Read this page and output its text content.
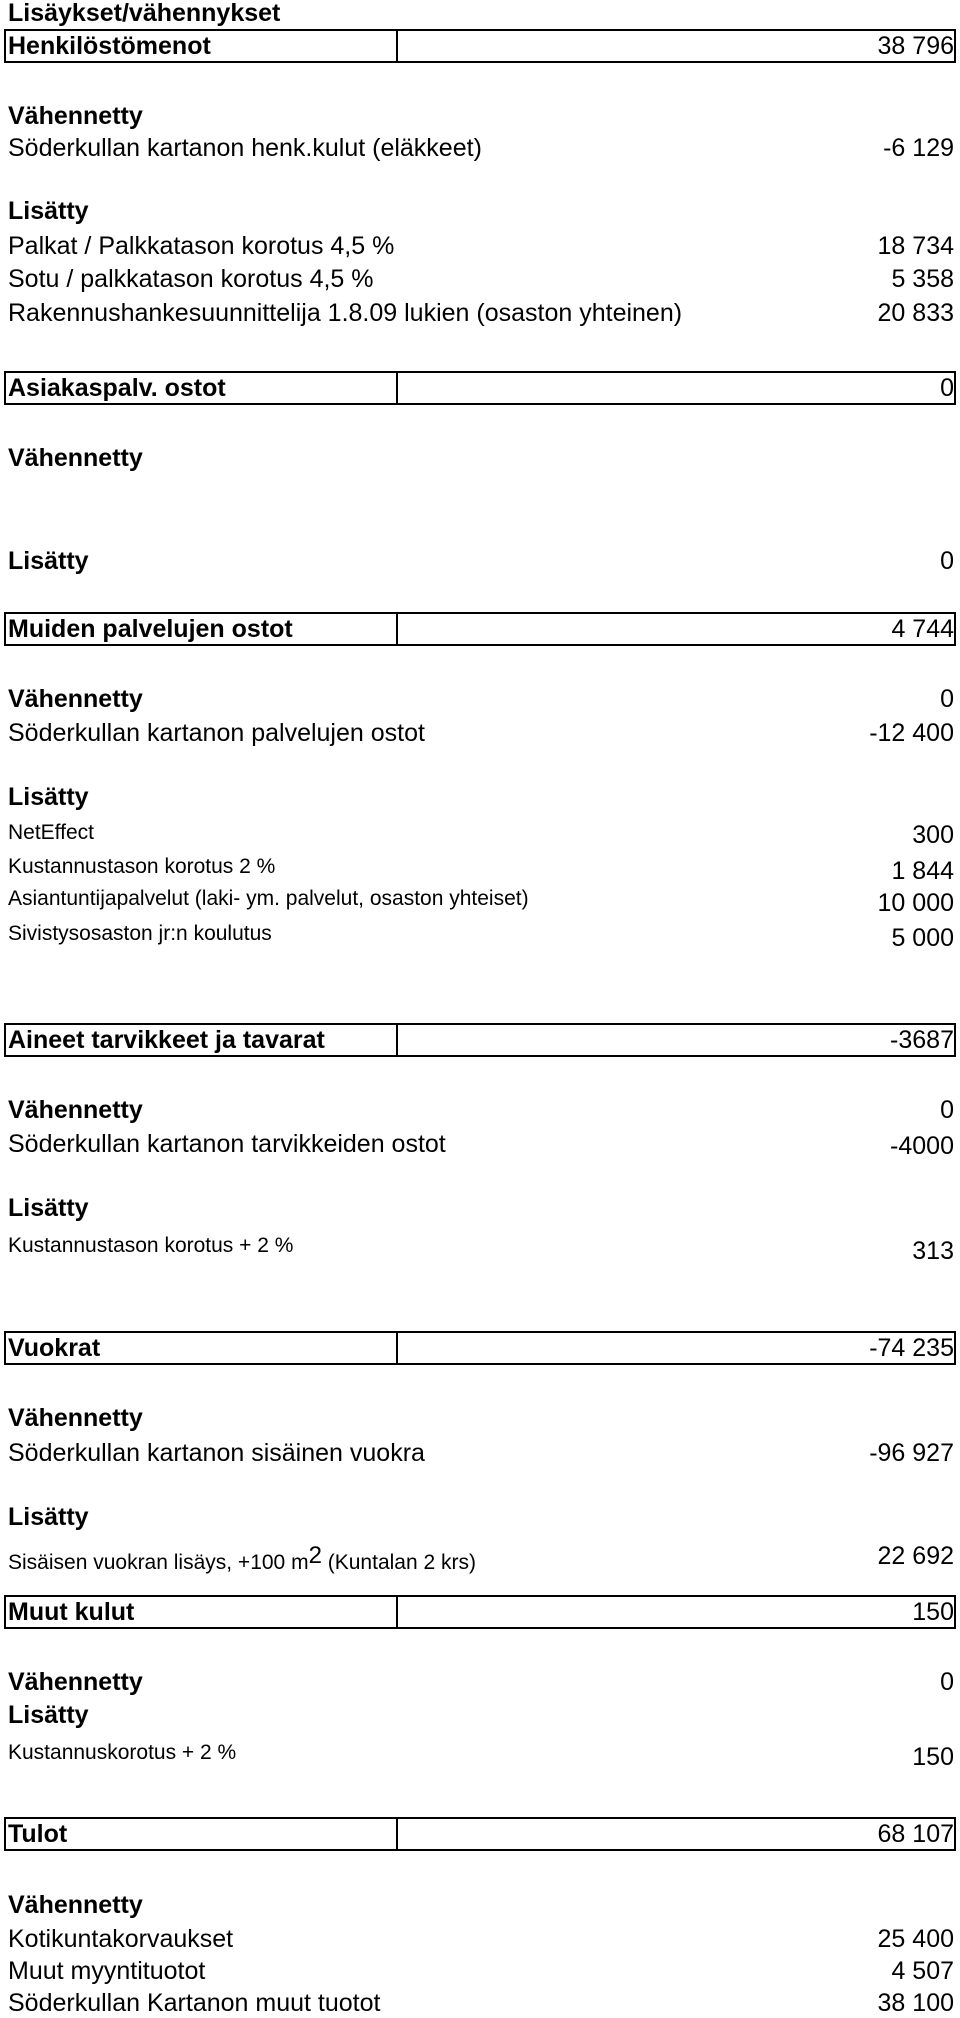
Lisäykset/vähennykset
Henkilöstömenot	38 796
Vähennetty
Söderkullan kartanon henk.kulut (eläkkeet)	-6 129
Lisätty
Palkat / Palkkatason korotus 4,5 %	18 734
Sotu / palkkatason korotus 4,5 %	5 358
Rakennushankesuunnittelija 1.8.09 lukien (osaston yhteinen)	20 833
Asiakaspalv. ostot	0
Vähennetty
Lisätty	0
Muiden palvelujen ostot	4 744
Vähennetty	0
Söderkullan kartanon palvelujen ostot	-12 400
Lisätty
NetEffect	300
Kustannustason korotus 2 %	1 844
Asiantuntijapalvelut (laki- ym. palvelut, osaston yhteiset)	10 000
Sivistysosaston jr:n koulutus	5 000
Aineet tarvikkeet ja tavarat	-3687
Vähennetty	0
Söderkullan kartanon tarvikkeiden ostot	-4000
Lisätty
Kustannustason korotus + 2 %	313
Vuokrat	-74 235
Vähennetty
Söderkullan kartanon sisäinen vuokra	-96 927
Lisätty
Sisäisen vuokran lisäys, +100 $m^2$ (Kuntalan 2 krs)	22 692
Muut kulut	150
Vähennetty	0
Lisätty
Kustannuskorotus + 2 %	150
Tulot	68 107
Vähennetty
Kotikuntakorvaukset	25 400
Muut myyntituotot	4 507
Söderkullan Kartanon muut tuotot	38 100
